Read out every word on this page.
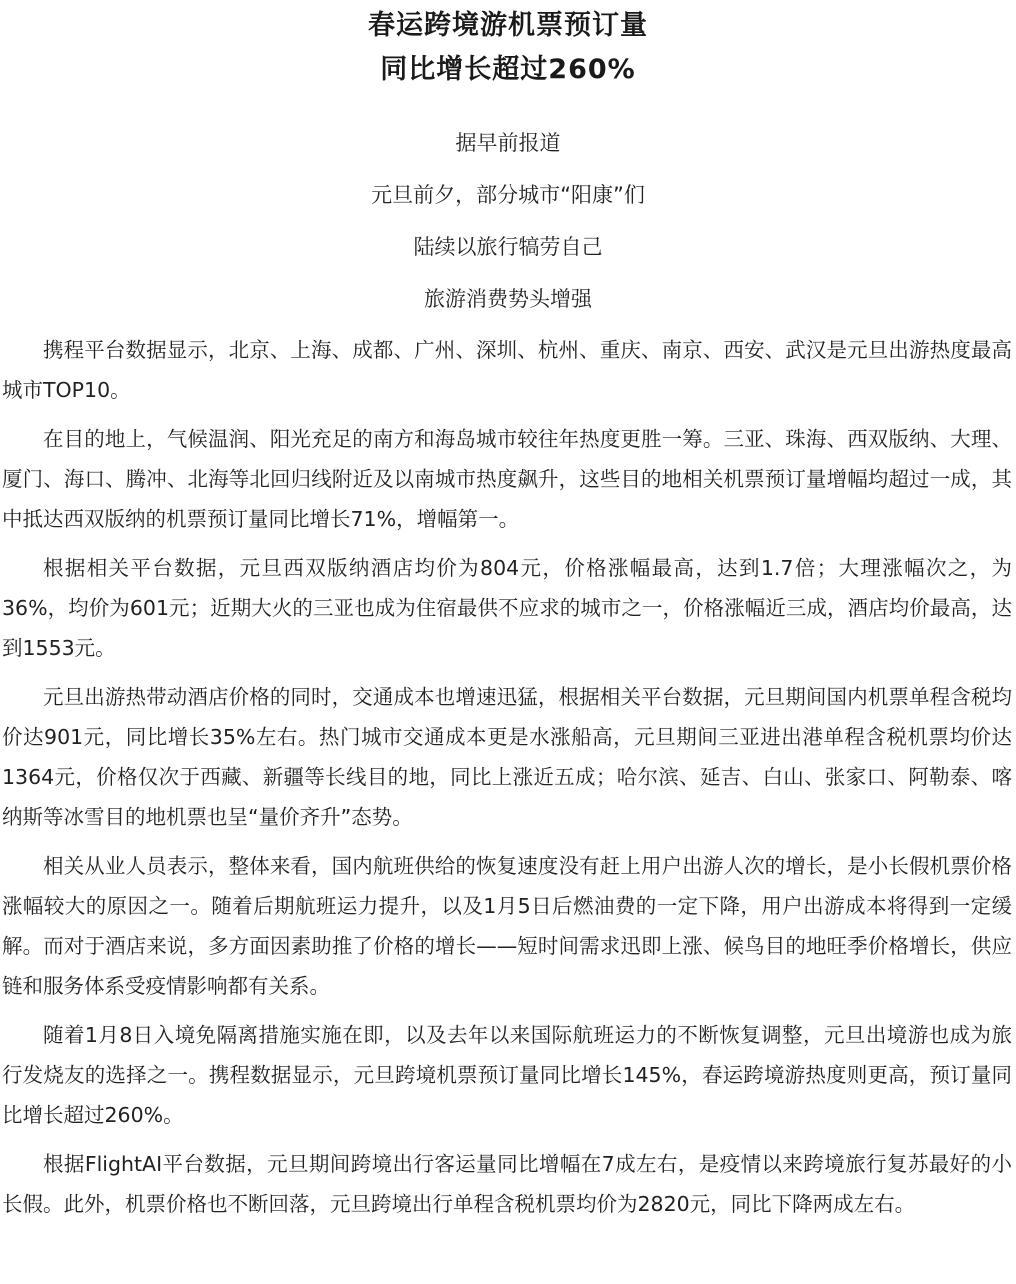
春运跨境游机票预订量
同比增长超过260%
据早前报道
元旦前夕，部分城市“阳康”们
陆续以旅行犒劳自己
旅游消费势头增强

携程平台数据显示，北京、上海、成都、广州、深圳、杭州、重庆、南京、西安、武汉是元旦出游热度最高城市TOP10。

在目的地上，气候温润、阳光充足的南方和海岛城市较往年热度更胜一筹。三亚、珠海、西双版纳、大理、厦门、海口、腾冲、北海等北回归线附近及以南城市热度飙升，这些目的地相关机票预订量增幅均超过一成，其中抵达西双版纳的机票预订量同比增长71%，增幅第一。

根据相关平台数据，元旦西双版纳酒店均价为804元，价格涨幅最高，达到1.7倍；大理涨幅次之，为36%，均价为601元；近期大火的三亚也成为住宿最供不应求的城市之一，价格涨幅近三成，酒店均价最高，达到1553元。

元旦出游热带动酒店价格的同时，交通成本也增速迅猛，根据相关平台数据，元旦期间国内机票单程含税均价达901元，同比增长35%左右。热门城市交通成本更是水涨船高，元旦期间三亚进出港单程含税机票均价达1364元，价格仅次于西藏、新疆等长线目的地，同比上涨近五成；哈尔滨、延吉、白山、张家口、阿勒泰、喀纳斯等冰雪目的地机票也呈“量价齐升”态势。

相关从业人员表示，整体来看，国内航班供给的恢复速度没有赶上用户出游人次的增长，是小长假机票价格涨幅较大的原因之一。随着后期航班运力提升，以及1月5日后燃油费的一定下降，用户出游成本将得到一定缓解。而对于酒店来说，多方面因素助推了价格的增长——短时间需求迅即上涨、候鸟目的地旺季价格增长，供应链和服务体系受疫情影响都有关系。

随着1月8日入境免隔离措施实施在即，以及去年以来国际航班运力的不断恢复调整，元旦出境游也成为旅行发烧友的选择之一。携程数据显示，元旦跨境机票预订量同比增长145%，春运跨境游热度则更高，预订量同比增长超过260%。

根据FlightAI平台数据，元旦期间跨境出行客运量同比增幅在7成左右，是疫情以来跨境旅行复苏最好的小长假。此外，机票价格也不断回落，元旦跨境出行单程含税机票均价为2820元，同比下降两成左右。
